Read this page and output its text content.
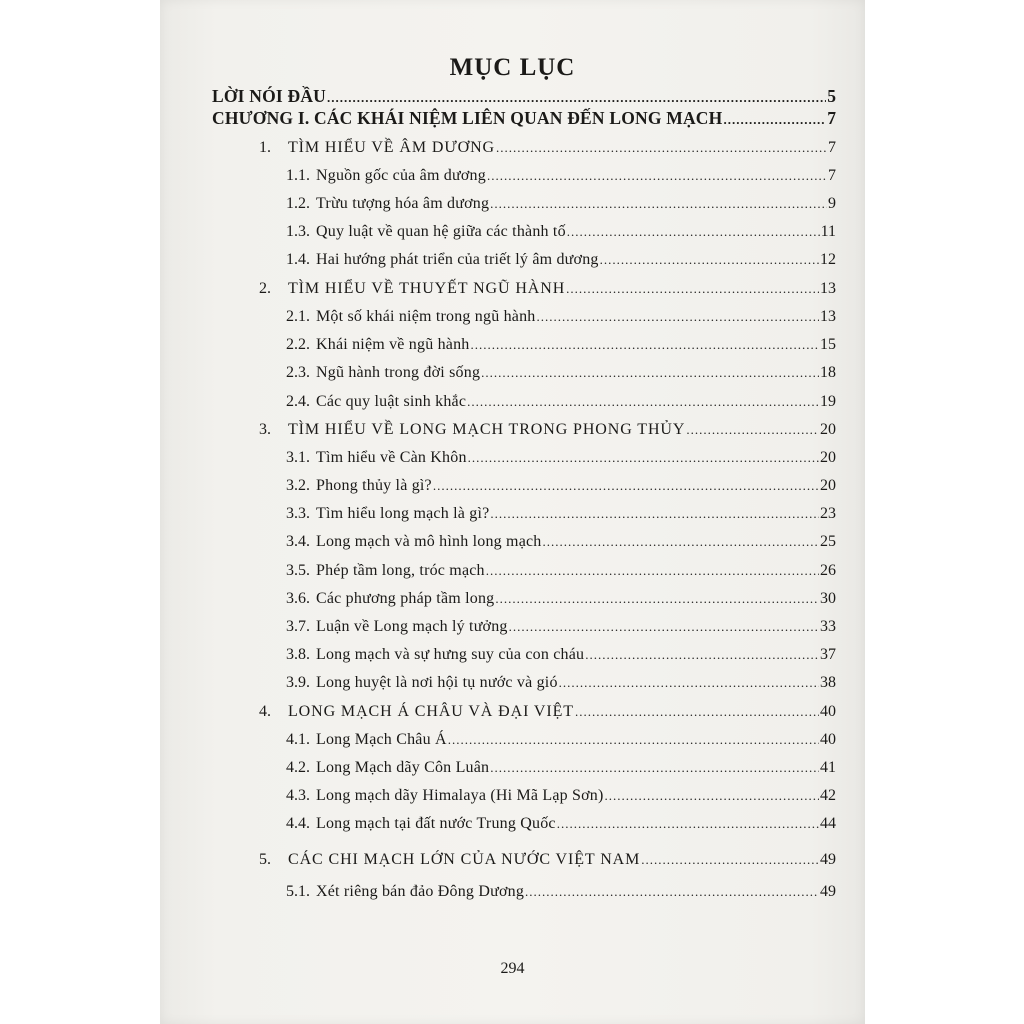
MỤC LỤC
LỜI NÓI ĐẦU .....	5
CHƯƠNG I. CÁC KHÁI NIỆM LIÊN QUAN ĐẾN LONG MẠCH .....	7
1.	TÌM HIỂU VỀ ÂM DƯƠNG .....	7
1.1. Nguồn gốc của âm dương .....	7
1.2. Trừu tượng hóa âm dương .....	9
1.3. Quy luật về quan hệ giữa các thành tố .....	11
1.4. Hai hướng phát triển của triết lý âm dương .....	12
2.	TÌM HIỂU VỀ THUYẾT NGŨ HÀNH .....	13
2.1. Một số khái niệm trong ngũ hành .....	13
2.2. Khái niệm về ngũ hành .....	15
2.3. Ngũ hành trong đời sống .....	18
2.4. Các quy luật sinh khắc .....	19
3.	TÌM HIỂU VỀ LONG MẠCH TRONG PHONG THỦY .....	20
3.1. Tìm hiểu về Càn Khôn .....	20
3.2. Phong thủy là gì? .....	20
3.3. Tìm hiểu long mạch là gì? .....	23
3.4. Long mạch và mô hình long mạch .....	25
3.5. Phép tầm long, tróc mạch .....	26
3.6. Các phương pháp tầm long .....	30
3.7. Luận về Long mạch lý tưởng .....	33
3.8. Long mạch và sự hưng suy của con cháu .....	37
3.9. Long huyệt là nơi hội tụ nước và gió .....	38
4.	LONG MẠCH Á CHÂU VÀ ĐẠI VIỆT .....	40
4.1. Long Mạch Châu Á .....	40
4.2. Long Mạch dãy Côn Luân .....	41
4.3. Long mạch dãy Himalaya (Hi Mã Lạp Sơn) .....	42
4.4. Long mạch tại đất nước Trung Quốc .....	44
5.	CÁC CHI MẠCH LỚN CỦA NƯỚC VIỆT NAM .....	49
5.1. Xét riêng bán đảo Đông Dương .....	49
294
